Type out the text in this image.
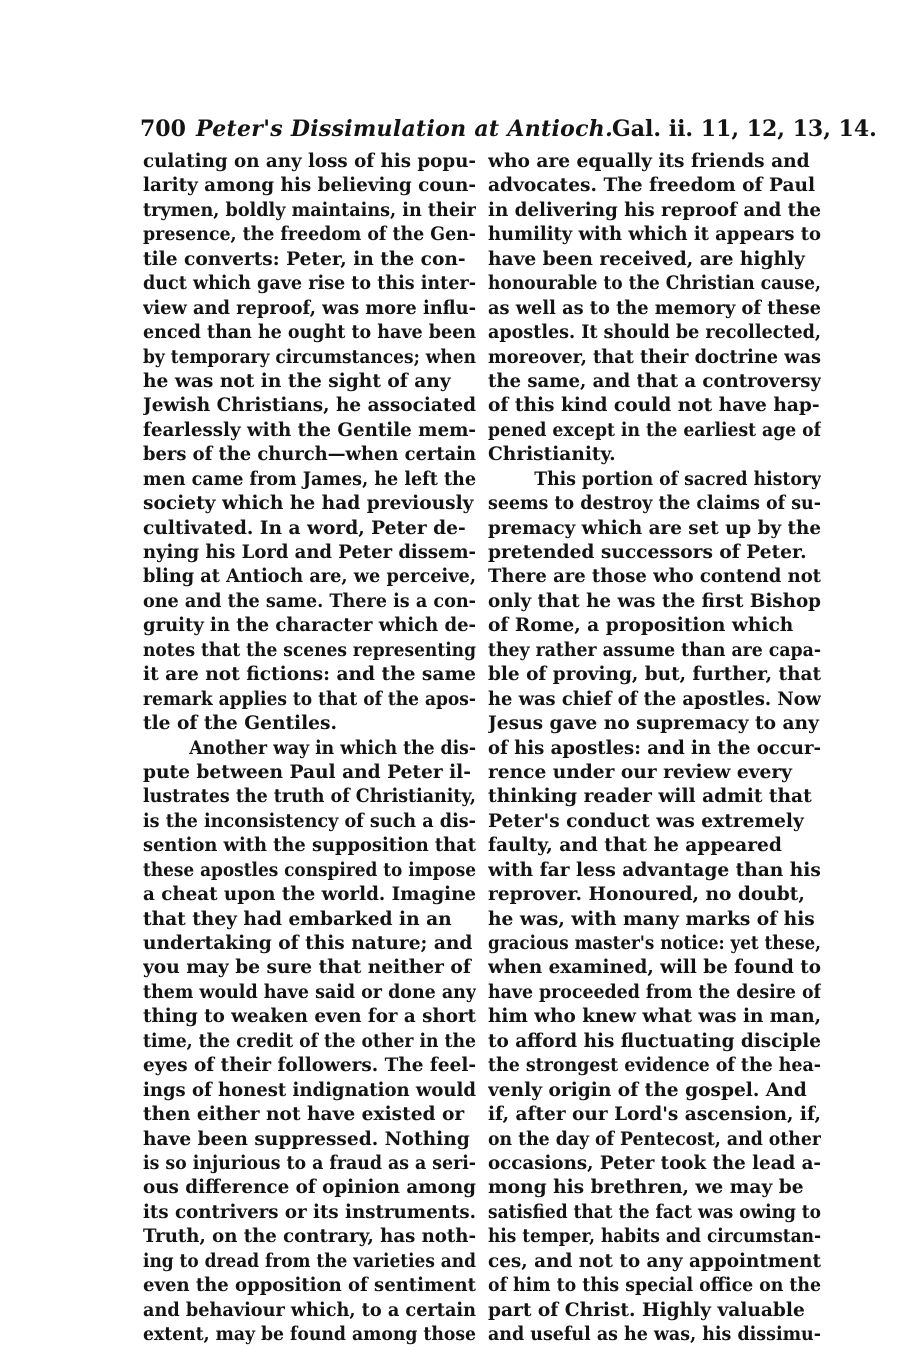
700 Peter's Dissimulation at Antioch.
Gal. ii. 11, 12, 13, 14.
culating on any loss of his popu-
larity among his believing coun-
trymen, boldly maintains, in their
presence, the freedom of the Gen-
tile converts: Peter, in the con-
duct which gave rise to this inter-
view and reproof, was more influ-
enced than he ought to have been
by temporary circumstances; when
he was not in the sight of any
Jewish Christians, he associated
fearlessly with the Gentile mem-
bers of the church—when certain
men came from James, he left the
society which he had previously
cultivated. In a word, Peter de-
nying his Lord and Peter dissem-
bling at Antioch are, we perceive,
one and the same. There is a con-
gruity in the character which de-
notes that the scenes representing
it are not fictions: and the same
remark applies to that of the apos-
tle of the Gentiles.
Another way in which the dis-
pute between Paul and Peter il-
lustrates the truth of Christianity,
is the inconsistency of such a dis-
sention with the supposition that
these apostles conspired to impose
a cheat upon the world. Imagine
that they had embarked in an
undertaking of this nature; and
you may be sure that neither of
them would have said or done any
thing to weaken even for a short
time, the credit of the other in the
eyes of their followers. The feel-
ings of honest indignation would
then either not have existed or
have been suppressed. Nothing
is so injurious to a fraud as a seri-
ous difference of opinion among
its contrivers or its instruments.
Truth, on the contrary, has noth-
ing to dread from the varieties and
even the opposition of sentiment
and behaviour which, to a certain
extent, may be found among those
who are equally its friends and
advocates. The freedom of Paul
in delivering his reproof and the
humility with which it appears to
have been received, are highly
honourable to the Christian cause,
as well as to the memory of these
apostles. It should be recollected,
moreover, that their doctrine was
the same, and that a controversy
of this kind could not have hap-
pened except in the earliest age of
Christianity.
This portion of sacred history
seems to destroy the claims of su-
premacy which are set up by the
pretended successors of Peter.
There are those who contend not
only that he was the first Bishop
of Rome, a proposition which
they rather assume than are capa-
ble of proving, but, further, that
he was chief of the apostles. Now
Jesus gave no supremacy to any
of his apostles: and in the occur-
rence under our review every
thinking reader will admit that
Peter's conduct was extremely
faulty, and that he appeared
with far less advantage than his
reprover. Honoured, no doubt,
he was, with many marks of his
gracious master's notice: yet these,
when examined, will be found to
have proceeded from the desire of
him who knew what was in man,
to afford his fluctuating disciple
the strongest evidence of the hea-
venly origin of the gospel. And
if, after our Lord's ascension, if,
on the day of Pentecost, and other
occasions, Peter took the lead a-
mong his brethren, we may be
satisfied that the fact was owing to
his temper, habits and circumstan-
ces, and not to any appointment
of him to this special office on the
part of Christ. Highly valuable
and useful as he was, his dissimu-
